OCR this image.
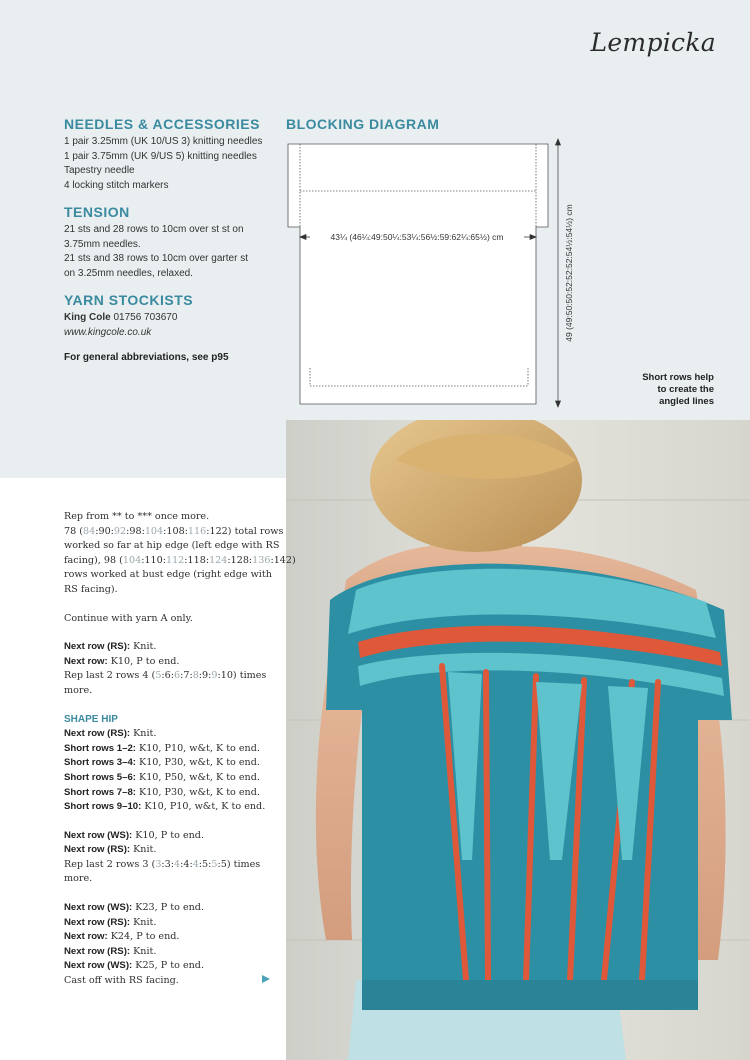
Lempicka
NEEDLES & ACCESSORIES
1 pair 3.25mm (UK 10/US 3) knitting needles
1 pair 3.75mm (UK 9/US 5) knitting needles
Tapestry needle
4 locking stitch markers
TENSION
21 sts and 28 rows to 10cm over st st on
3.75mm needles.
21 sts and 38 rows to 10cm over garter st
on 3.25mm needles, relaxed.
YARN STOCKISTS
King Cole 01756 703670
www.kingcole.co.uk
For general abbreviations, see p95
BLOCKING DIAGRAM
43¼ (46¼:49:50¼:53¼:56½:59:62¼:65½) cm	49 (49:50:50:52:52:52:54½:54½) cm
Short rows help
to create the
angled lines
Rep from ** to *** once more.
78 (84:90:92:98:104:108:116:122) total rows
worked so far at hip edge (left edge with RS
facing), 98 (104:110:112:118:124:128:136:142)
rows worked at bust edge (right edge with
RS facing).
Continue with yarn A only.
Next row (RS): Knit.
Next row: K10, P to end.
Rep last 2 rows 4 (5:6:6:7:8:9:9:10) times
more.
SHAPE HIP
Next row (RS): Knit.
Short rows 1–2: K10, P10, w&t, K to end.
Short rows 3–4: K10, P30, w&t, K to end.
Short rows 5–6: K10, P50, w&t, K to end.
Short rows 7–8: K10, P30, w&t, K to end.
Short rows 9–10: K10, P10, w&t, K to end.
Next row (WS): K10, P to end.
Next row (RS): Knit.
Rep last 2 rows 3 (3:3:4:4:4:5:5:5) times
more.
Next row (WS): K23, P to end.
Next row (RS): Knit.
Next row: K24, P to end.
Next row (RS): Knit.
Next row (WS): K25, P to end.
Cast off with RS facing.
